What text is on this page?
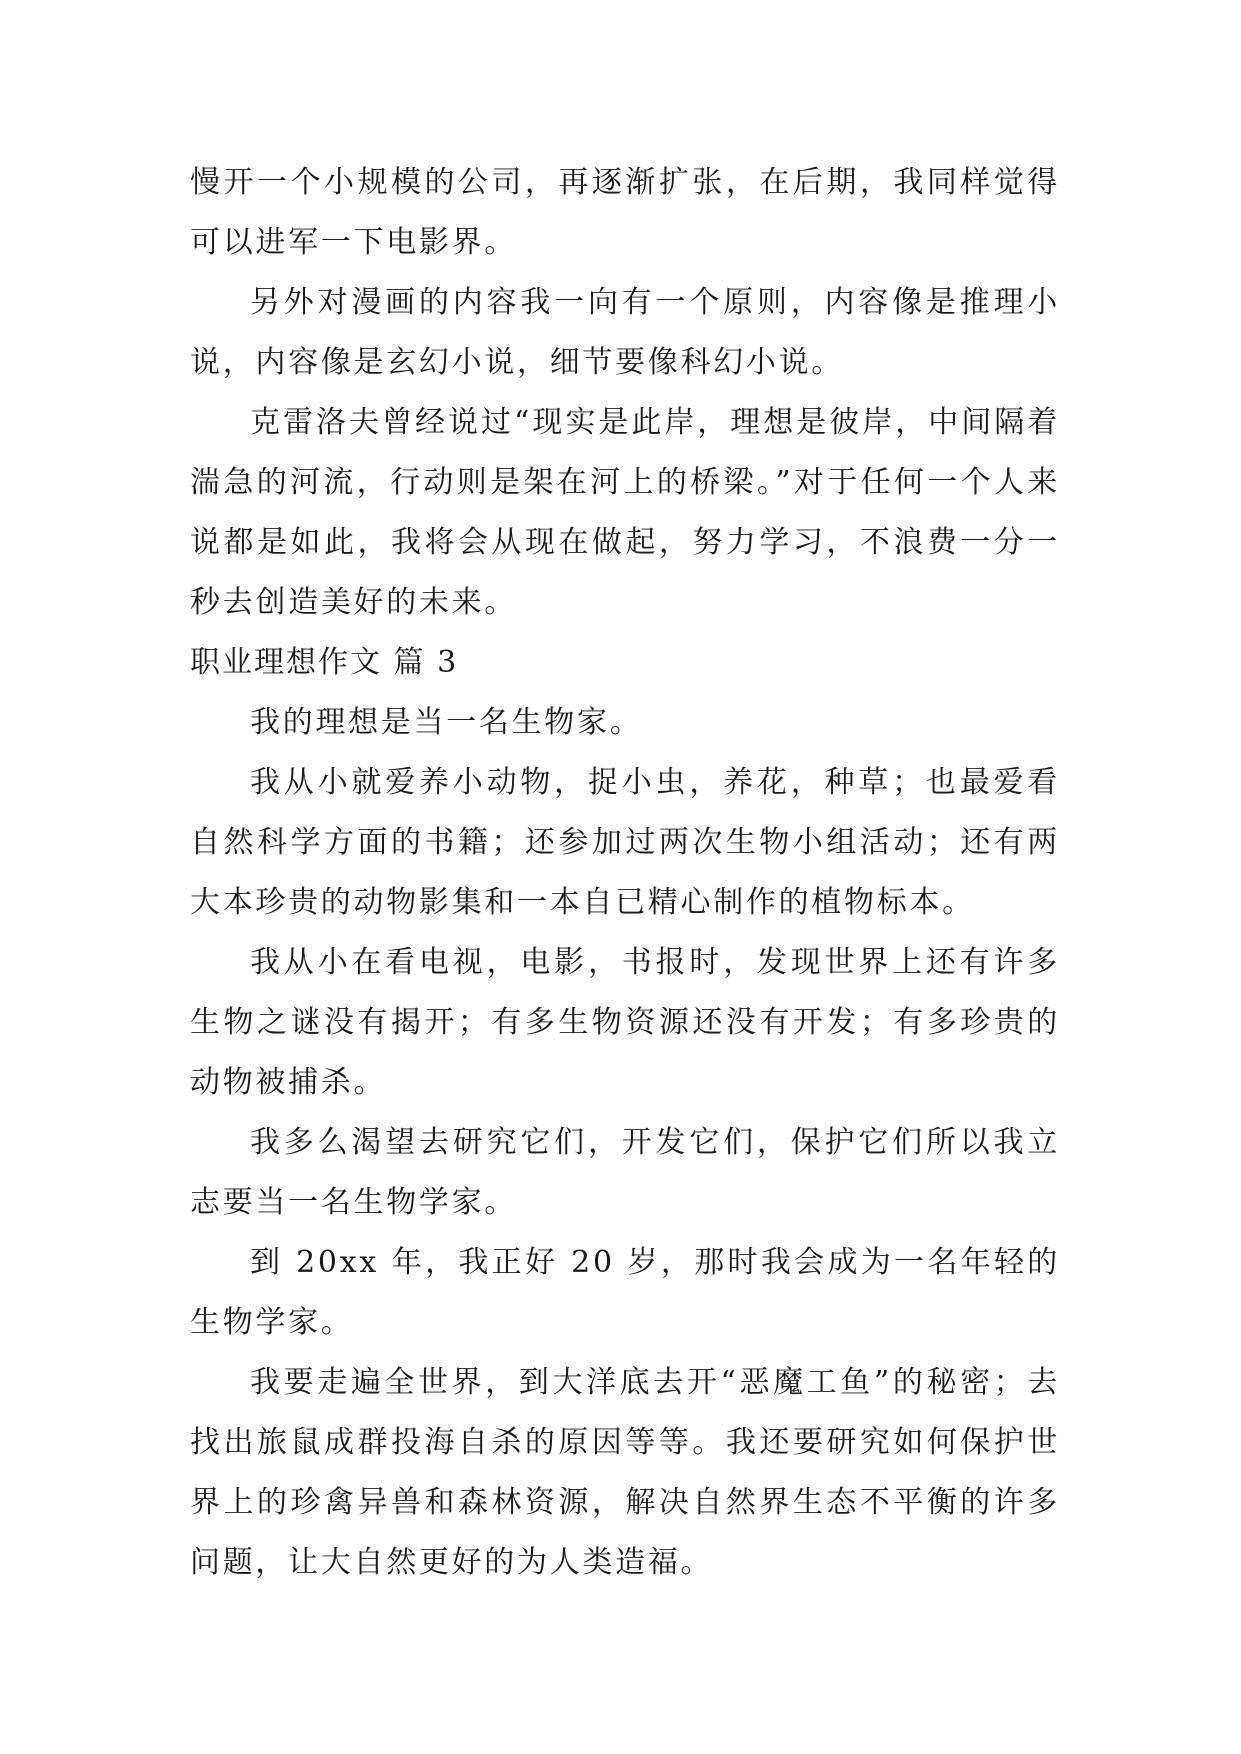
慢开一个小规模的公司，再逐渐扩张，在后期，我同样觉得可以进军一下电影界。

另外对漫画的内容我一向有一个原则，内容像是推理小说，内容像是玄幻小说，细节要像科幻小说。

克雷洛夫曾经说过“现实是此岸，理想是彼岸，中间隔着湍急的河流，行动则是架在河上的桥梁。”对于任何一个人来说都是如此，我将会从现在做起，努力学习，不浪费一分一秒去创造美好的未来。

职业理想作文 篇 3

我的理想是当一名生物家。

我从小就爱养小动物，捉小虫，养花，种草；也最爱看自然科学方面的书籍；还参加过两次生物小组活动；还有两大本珍贵的动物影集和一本自已精心制作的植物标本。

我从小在看电视，电影，书报时，发现世界上还有许多生物之谜没有揭开；有多生物资源还没有开发；有多珍贵的动物被捕杀。

我多么渴望去研究它们，开发它们，保护它们所以我立志要当一名生物学家。

到 20xx 年，我正好 20 岁，那时我会成为一名年轻的生物学家。

我要走遍全世界，到大洋底去开“恶魔工鱼”的秘密；去找出旅鼠成群投海自杀的原因等等。我还要研究如何保护世界上的珍禽异兽和森林资源，解决自然界生态不平衡的许多问题，让大自然更好的为人类造福。
